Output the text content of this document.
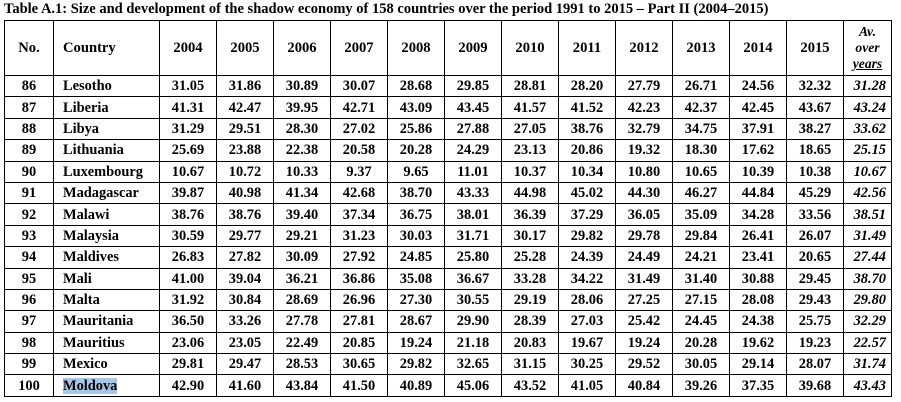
Table A.1: Size and development of the shadow economy of 158 countries over the period 1991 to 2015 – Part II (2004–2015)
No.	Country	2004	2005	2006	2007	2008	2009	2010	2011	2012	2013	2014	2015	Av.
over
years

86	Lesotho	31.05	31.86	30.89	30.07	28.68	29.85	28.81	28.20	27.79	26.71	24.56	32.32	31.28
87	Liberia	41.31	42.47	39.95	42.71	43.09	43.45	41.57	41.52	42.23	42.37	42.45	43.67	43.24
88	Libya	31.29	29.51	28.30	27.02	25.86	27.88	27.05	38.76	32.79	34.75	37.91	38.27	33.62
89	Lithuania	25.69	23.88	22.38	20.58	20.28	24.29	23.13	20.86	19.32	18.30	17.62	18.65	25.15
90	Luxembourg	10.67	10.72	10.33	9.37	9.65	11.01	10.37	10.34	10.80	10.65	10.39	10.38	10.67
91	Madagascar	39.87	40.98	41.34	42.68	38.70	43.33	44.98	45.02	44.30	46.27	44.84	45.29	42.56
92	Malawi	38.76	38.76	39.40	37.34	36.75	38.01	36.39	37.29	36.05	35.09	34.28	33.56	38.51
93	Malaysia	30.59	29.77	29.21	31.23	30.03	31.71	30.17	29.82	29.78	29.84	26.41	26.07	31.49
94	Maldives	26.83	27.82	30.09	27.92	24.85	25.80	25.28	24.39	24.49	24.21	23.41	20.65	27.44
95	Mali	41.00	39.04	36.21	36.86	35.08	36.67	33.28	34.22	31.49	31.40	30.88	29.45	38.70
96	Malta	31.92	30.84	28.69	26.96	27.30	30.55	29.19	28.06	27.25	27.15	28.08	29.43	29.80
97	Mauritania	36.50	33.26	27.78	27.81	28.67	29.90	28.39	27.03	25.42	24.45	24.38	25.75	32.29
98	Mauritius	23.06	23.05	22.49	20.85	19.24	21.18	20.83	19.67	19.24	20.28	19.62	19.23	22.57
99	Mexico	29.81	29.47	28.53	30.65	29.82	32.65	31.15	30.25	29.52	30.05	29.14	28.07	31.74
100	Moldova	42.90	41.60	43.84	41.50	40.89	45.06	43.52	41.05	40.84	39.26	37.35	39.68	43.43
